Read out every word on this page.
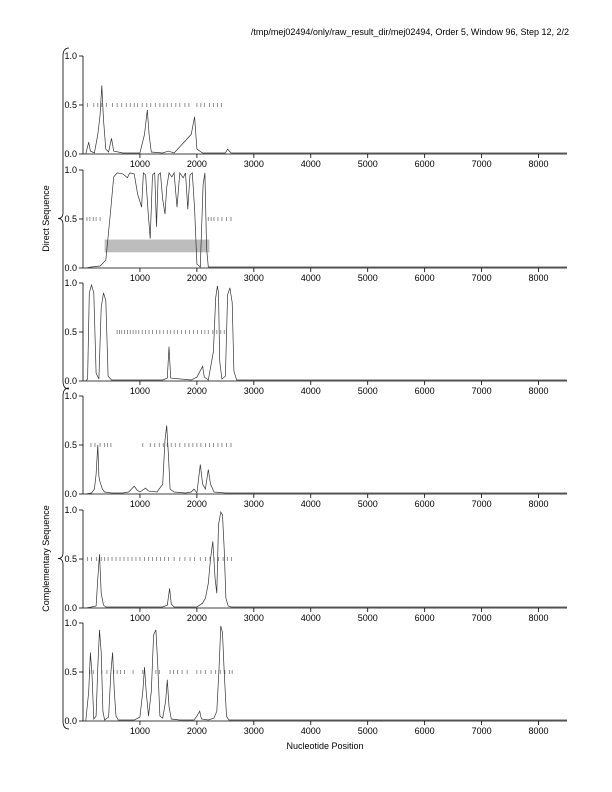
/tmp/mej02494/only/raw_result_dir/mej02494, Order 5, Window 96, Step 12, 2/2
0.0
0.5
1.0
1000	2000	3000	4000	5000	6000	7000	8000
0.0
0.5
1.0
1000	2000	3000	4000	5000	6000	7000	8000
0.0
0.5
1.0
1000	2000	3000	4000	5000	6000	7000	8000
0.0
0.5
1.0
1000	2000	3000	4000	5000	6000	7000	8000
0.0
0.5
1.0
1000	2000	3000	4000	5000	6000	7000	8000
0.0
0.5
1.0
1000	2000	3000	4000	5000	6000	7000	8000
Direct Sequence
Complementary Sequence
Nucleotide Position
